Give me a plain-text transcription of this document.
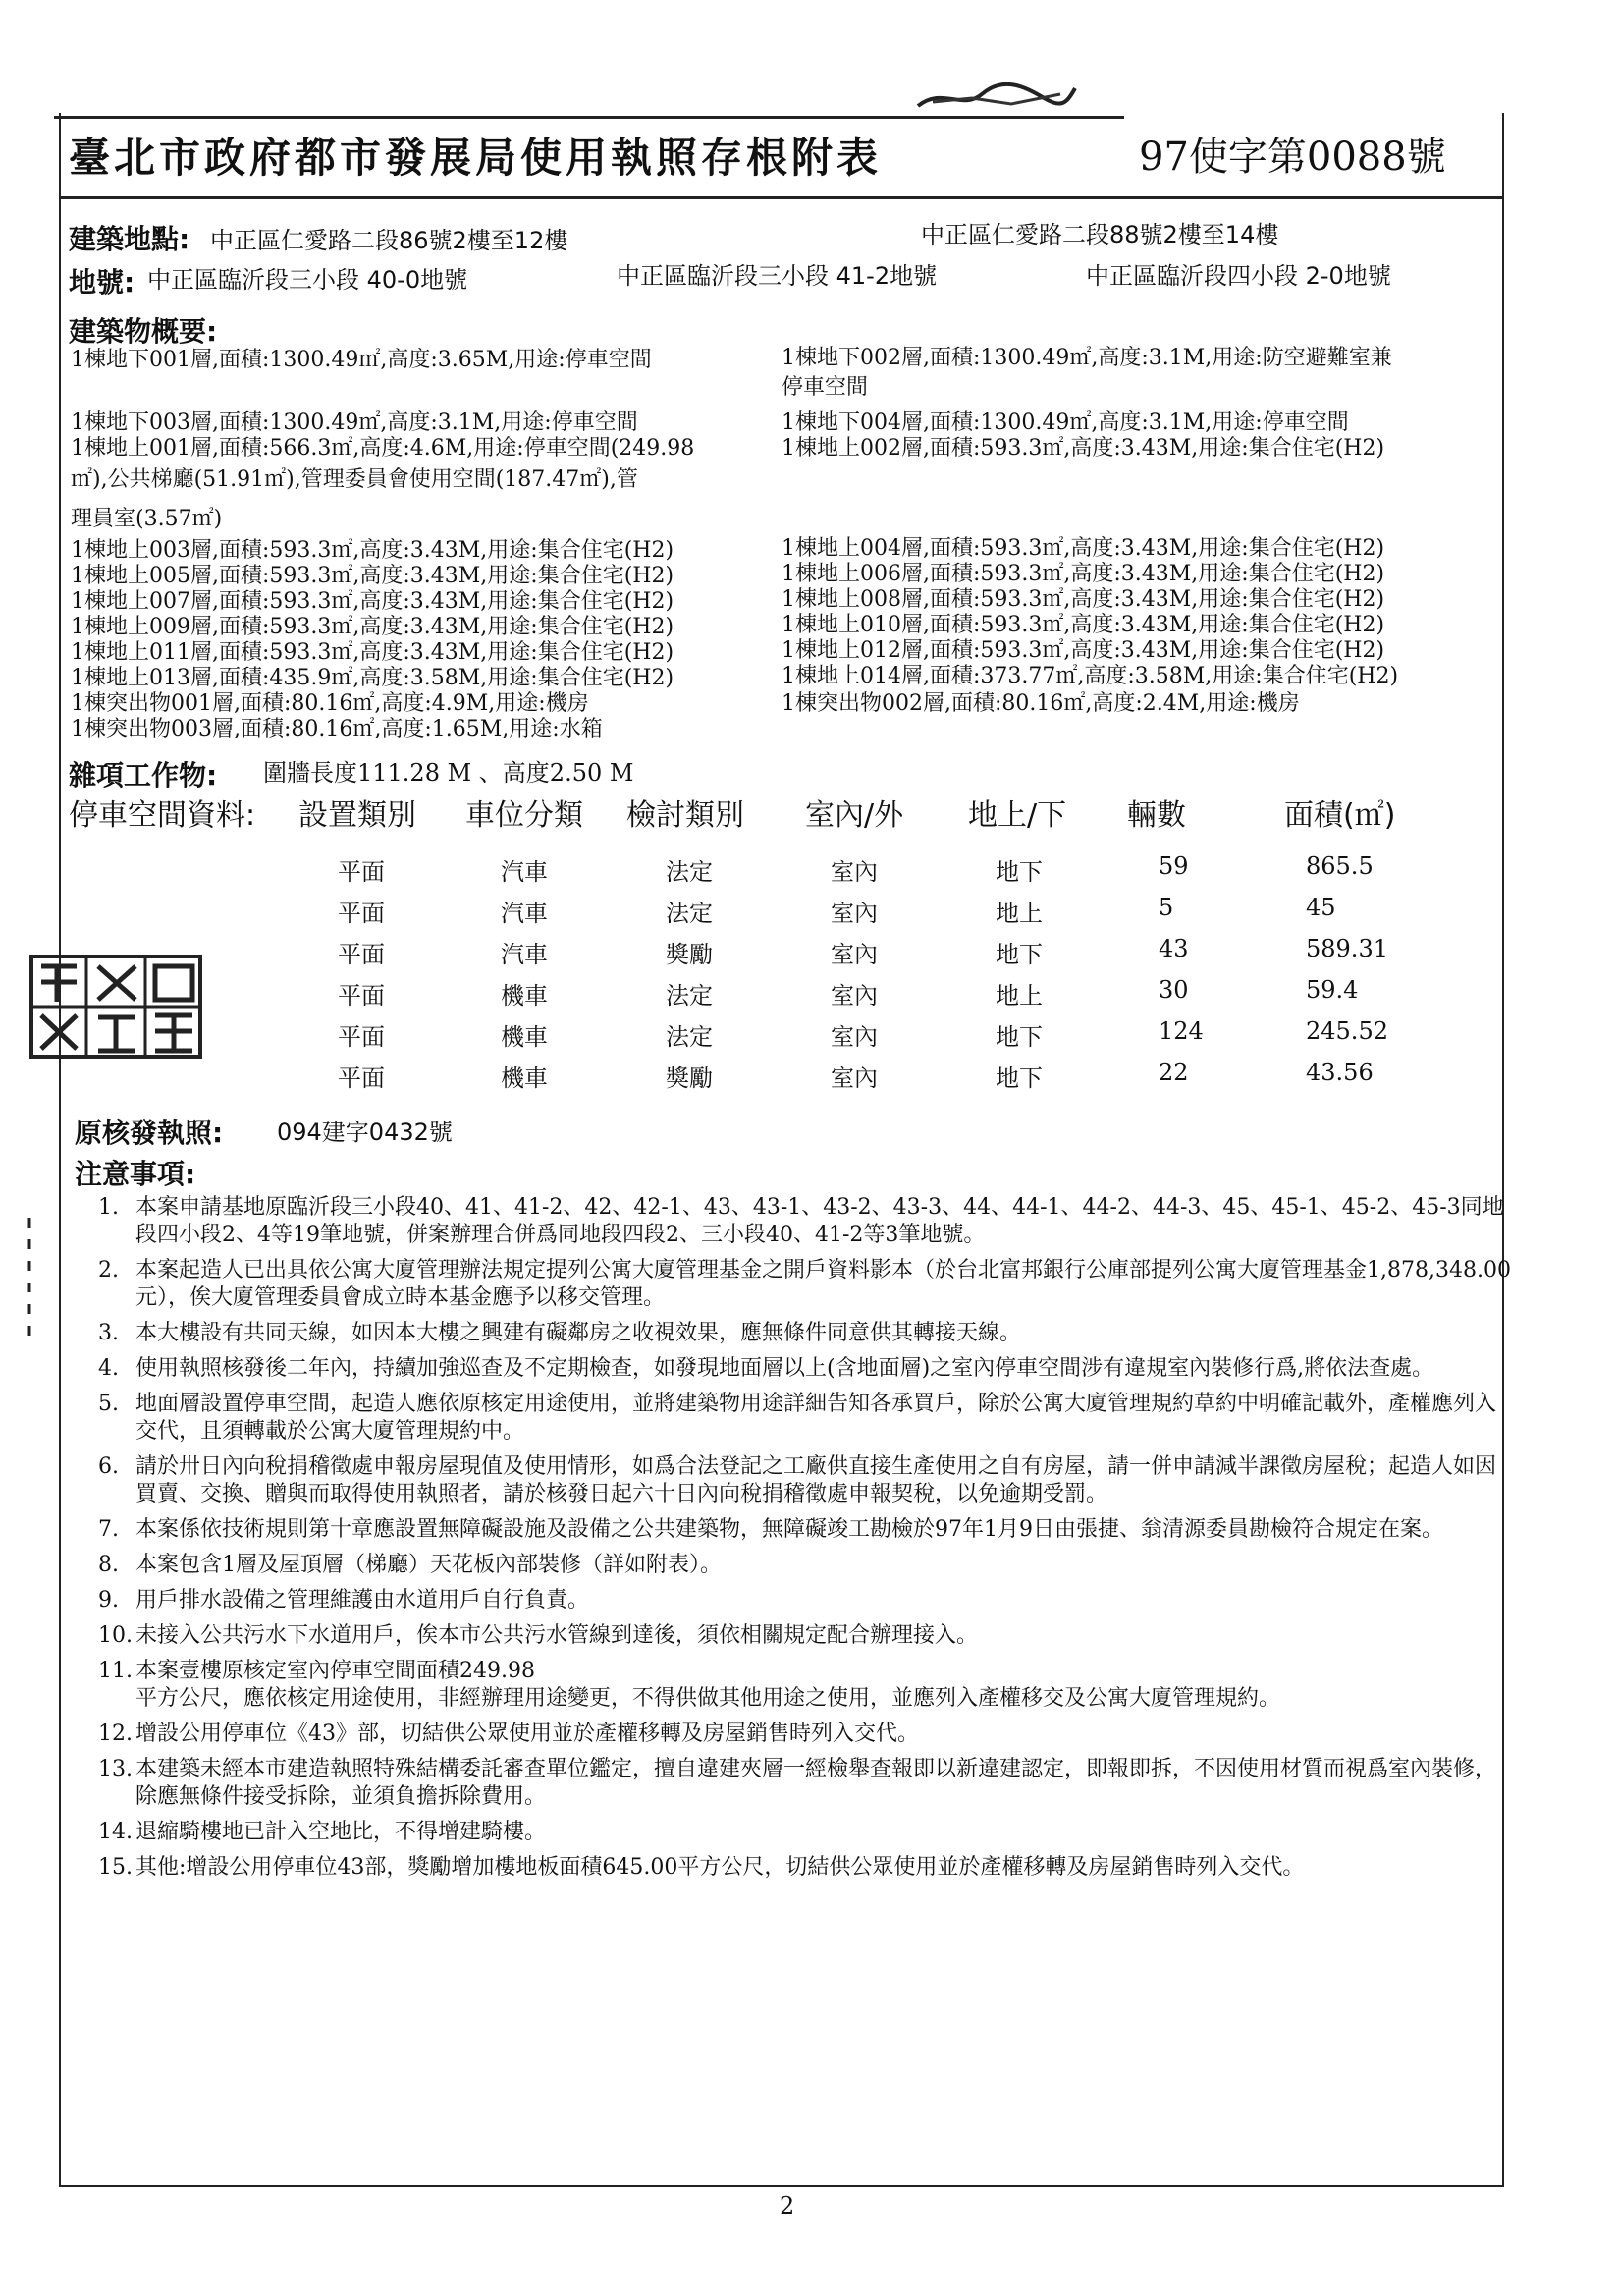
臺北市政府都市發展局使用執照存根附表	97使字第0088號
建築地點: 中正區仁愛路二段86號2樓至12樓	中正區仁愛路二段88號2樓至14樓
地號: 中正區臨沂段三小段 40-0地號	中正區臨沂段三小段 41-2地號	中正區臨沂段四小段 2-0地號
建築物概要:
1棟地下001層,面積:1300.49㎡,高度:3.65M,用途:停車空間
1棟地下003層,面積:1300.49㎡,高度:3.1M,用途:停車空間
1棟地上001層,面積:566.3㎡,高度:4.6M,用途:停車空間(249.98
㎡),公共梯廳(51.91㎡),管理委員會使用空間(187.47㎡),管
理員室(3.57㎡)
1棟地上003層,面積:593.3㎡,高度:3.43M,用途:集合住宅(H2)
1棟地上005層,面積:593.3㎡,高度:3.43M,用途:集合住宅(H2)
1棟地上007層,面積:593.3㎡,高度:3.43M,用途:集合住宅(H2)
1棟地上009層,面積:593.3㎡,高度:3.43M,用途:集合住宅(H2)
1棟地上011層,面積:593.3㎡,高度:3.43M,用途:集合住宅(H2)
1棟地上013層,面積:435.9㎡,高度:3.58M,用途:集合住宅(H2)
1棟突出物001層,面積:80.16㎡,高度:4.9M,用途:機房
1棟突出物003層,面積:80.16㎡,高度:1.65M,用途:水箱
1棟地下002層,面積:1300.49㎡,高度:3.1M,用途:防空避難室兼
停車空間
1棟地下004層,面積:1300.49㎡,高度:3.1M,用途:停車空間
1棟地上002層,面積:593.3㎡,高度:3.43M,用途:集合住宅(H2)
1棟地上004層,面積:593.3㎡,高度:3.43M,用途:集合住宅(H2)
1棟地上006層,面積:593.3㎡,高度:3.43M,用途:集合住宅(H2)
1棟地上008層,面積:593.3㎡,高度:3.43M,用途:集合住宅(H2)
1棟地上010層,面積:593.3㎡,高度:3.43M,用途:集合住宅(H2)
1棟地上012層,面積:593.3㎡,高度:3.43M,用途:集合住宅(H2)
1棟地上014層,面積:373.77㎡,高度:3.58M,用途:集合住宅(H2)
1棟突出物002層,面積:80.16㎡,高度:2.4M,用途:機房
雜項工作物: 圍牆長度111.28 M 、高度2.50 M
停車空間資料: 設置類別 車位分類 檢討類別 室內/外 地上/下 輛數	面積(㎡)
平面	汽車	法定	室內	地下	59	865.5
平面	汽車	法定	室內	地上	5	45
平面	汽車	獎勵	室內	地下	43	589.31
平面	機車	法定	室內	地上	30	59.4
平面	機車	法定	室內	地下	124	245.52
平面	機車	獎勵	室內	地下	22	43.56
原核發執照: 094建字0432號
注意事項:
1. 本案申請基地原臨沂段三小段40、41、41-2、42、42-1、43、43-1、43-2、43-3、44、44-1、44-2、44-3、45、45-1、45-2、45-3同地段四小段2、4等19筆地號，併案辦理合併爲同地段四段2、三小段40、41-2等3筆地號。
2. 本案起造人已出具依公寓大廈管理辦法規定提列公寓大廈管理基金之開戶資料影本（於台北富邦銀行公庫部提列公寓大廈管理基金1,878,348.00元），俟大廈管理委員會成立時本基金應予以移交管理。
3. 本大樓設有共同天線，如因本大樓之興建有礙鄰房之收視效果，應無條件同意供其轉接天線。
4. 使用執照核發後二年內，持續加強巡查及不定期檢查，如發現地面層以上(含地面層)之室內停車空間涉有違規室內裝修行爲,將依法查處。
5. 地面層設置停車空間，起造人應依原核定用途使用，並將建築物用途詳細告知各承買戶，除於公寓大廈管理規約草約中明確記載外，產權應列入交代，且須轉載於公寓大廈管理規約中。
6. 請於卅日內向稅捐稽徵處申報房屋現值及使用情形，如爲合法登記之工廠供直接生產使用之自有房屋，請一併申請減半課徵房屋稅；起造人如因買賣、交換、贈與而取得使用執照者，請於核發日起六十日內向稅捐稽徵處申報契稅，以免逾期受罰。
7. 本案係依技術規則第十章應設置無障礙設施及設備之公共建築物，無障礙竣工勘檢於97年1月9日由張捷、翁清源委員勘檢符合規定在案。
8. 本案包含1層及屋頂層（梯廳）天花板內部裝修（詳如附表）。
9. 用戶排水設備之管理維護由水道用戶自行負責。
10. 未接入公共污水下水道用戶，俟本市公共污水管線到達後，須依相關規定配合辦理接入。
11. 本案壹樓原核定室內停車空間面積249.98
平方公尺，應依核定用途使用，非經辦理用途變更，不得供做其他用途之使用，並應列入產權移交及公寓大廈管理規約。
12. 增設公用停車位《43》部，切結供公眾使用並於產權移轉及房屋銷售時列入交代。
13. 本建築未經本市建造執照特殊結構委託審查單位鑑定，擅自違建夾層一經檢舉查報即以新違建認定，即報即拆，不因使用材質而視爲室內裝修，除應無條件接受拆除，並須負擔拆除費用。
14. 退縮騎樓地已計入空地比，不得增建騎樓。
15. 其他:增設公用停車位43部，獎勵增加樓地板面積645.00平方公尺，切結供公眾使用並於產權移轉及房屋銷售時列入交代。
2
